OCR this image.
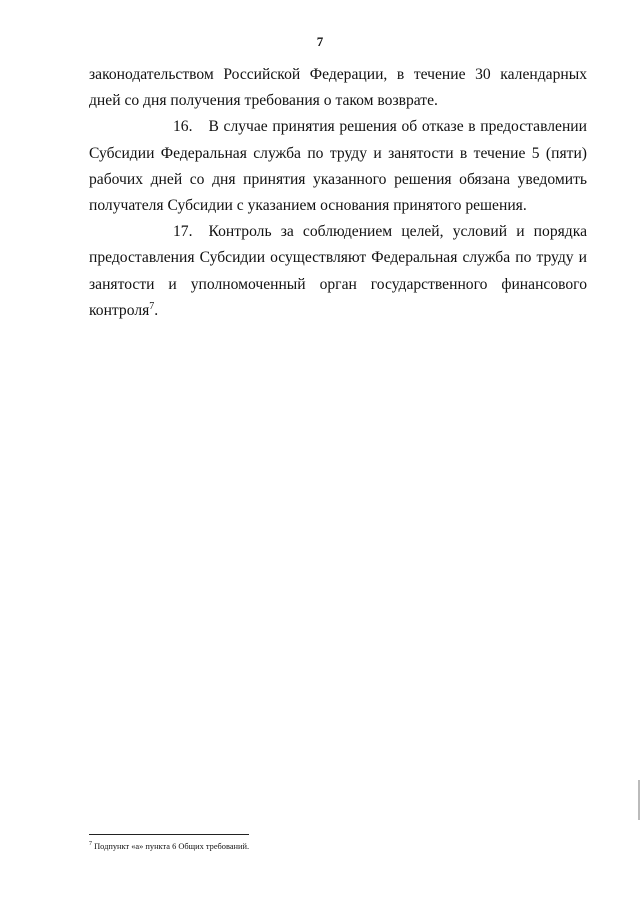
7

законодательством Российской Федерации, в течение 30 календарных дней со дня получения требования о таком возврате.

16. В случае принятия решения об отказе в предоставлении Субсидии Федеральная служба по труду и занятости в течение 5 (пяти) рабочих дней со дня принятия указанного решения обязана уведомить получателя Субсидии с указанием основания принятого решения.

17. Контроль за соблюдением целей, условий и порядка предоставления Субсидии осуществляют Федеральная служба по труду и занятости и уполномоченный орган государственного финансового контроля$^7$.

$^7$ Подпункт «а» пункта 6 Общих требований.
